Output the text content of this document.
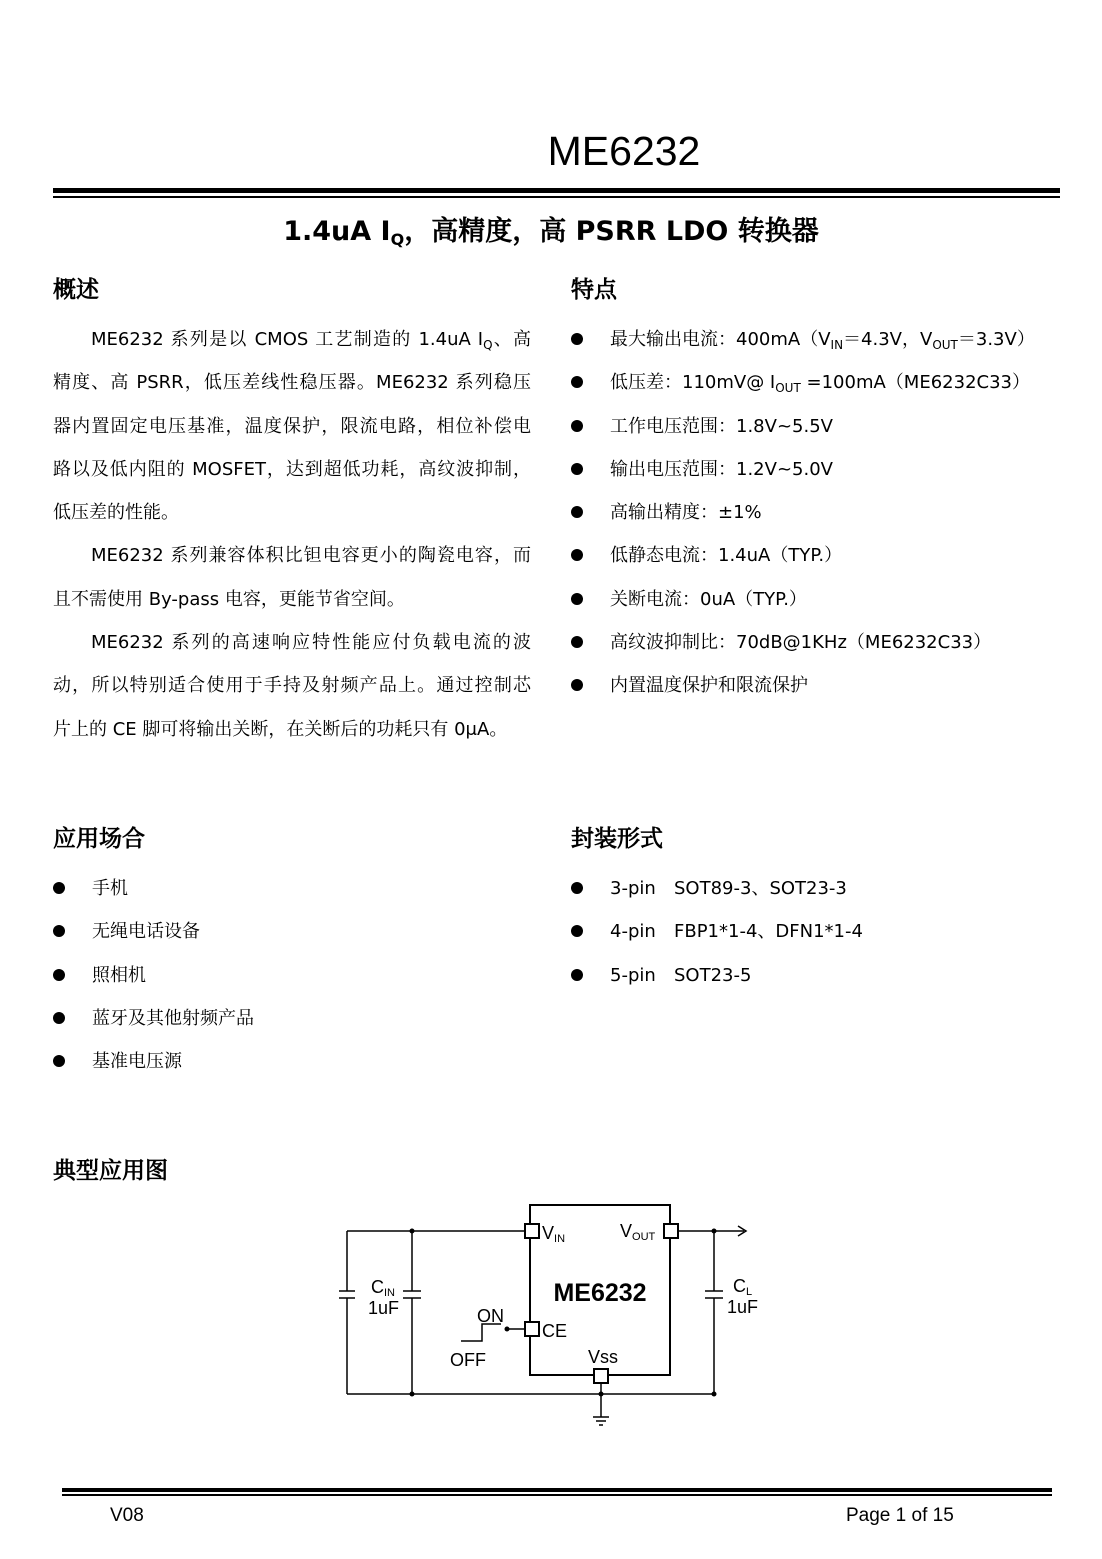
ME6232
1.4uA $I_Q$，高精度，高 PSRR LDO 转换器
概述
ME6232 系列是以 CMOS 工艺制造的 1.4uA $I_Q$、高
精度、高 PSRR，低压差线性稳压器。ME6232 系列稳压
器内置固定电压基准，温度保护，限流电路，相位补偿电
路以及低内阻的 MOSFET，达到超低功耗，高纹波抑制，
低压差的性能。
ME6232 系列兼容体积比钽电容更小的陶瓷电容，而
且不需使用 By-pass 电容，更能节省空间。
ME6232 系列的高速响应特性能应付负载电流的波
动，所以特别适合使用于手持及射频产品上。通过控制芯
片上的 CE 脚可将输出关断，在关断后的功耗只有 0μA。
特点
最大输出电流：$400mA(V_{IN}=4.3V$，$V_{OUT}=3.3V$）
低压差：110mV@ $I_{OUT} =100mA(ME6232C33)$
工作电压范围：1.8V~5.5V
输出电压范围：1.2V~5.0V
高输出精度：±1%
低静态电流：1.4uA（TYP.）
关断电流：0uA（TYP.）
高纹波抑制比：70dB@1KHz（ME6232C33）
内置温度保护和限流保护
应用场合
手机
无绳电话设备
照相机
蓝牙及其他射频产品
基准电压源
封装形式
3-pin SOT89-3、SOT23-3
4-pin FBP1*1-4、DFN1*1-4
5-pin SOT23-5
典型应用图
ME6232
VIN	VOUT
CE
Vss
ON
OFF
CIN
1uF
CL
1uF
V08	Page 1 of 15
